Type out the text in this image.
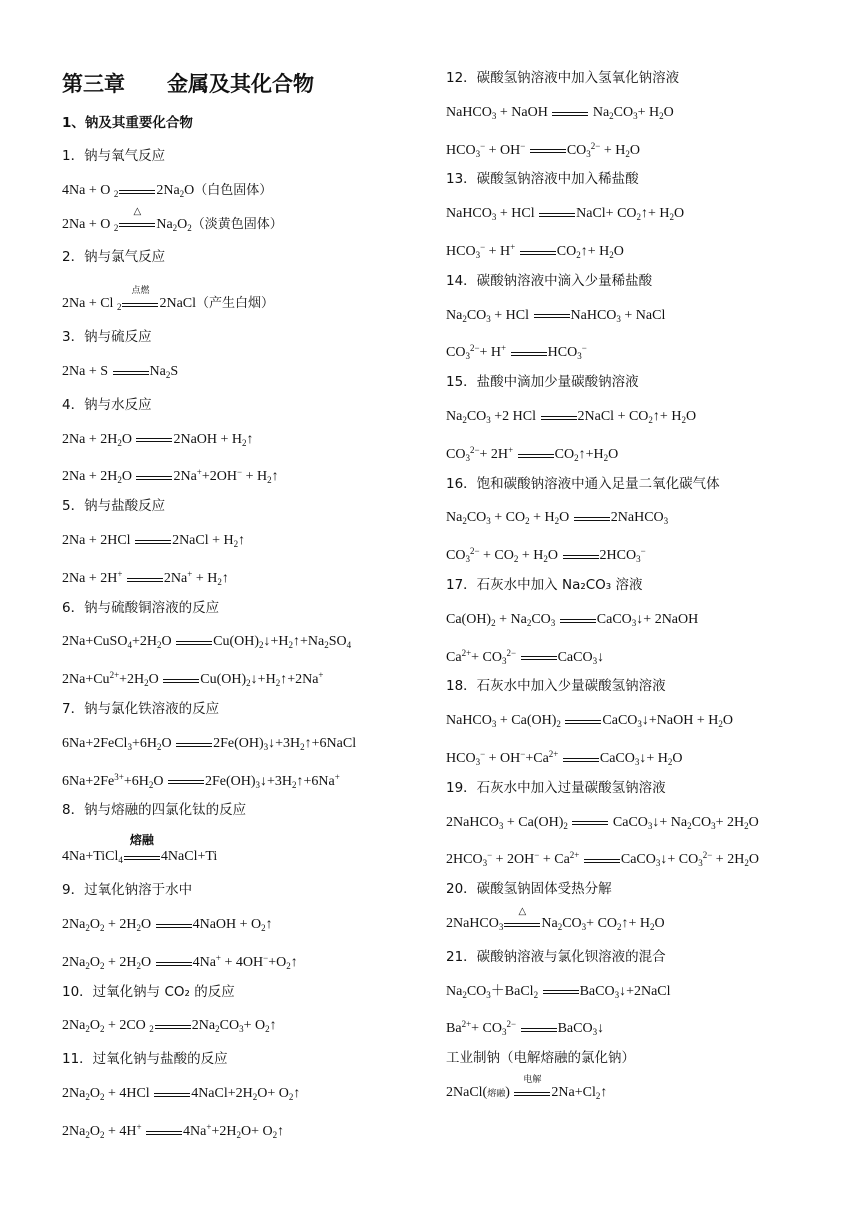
第三章　　金属及其化合物
1、钠及其重要化合物
1．钠与氧气反应
4Na + O $_2$	$2Na_2O$（白色固体）
2Na + O $_2$
△
$Na_2O_2$（淡黄色固体）
2．钠与氯气反应
2Na + Cl $_2$
点燃
2NaCl（产生白烟）
3．钠与硫反应
2Na + S	$Na_2S$
4．钠与水反应
$2Na + 2H_2O$	2NaOH + $H_2↑$
$2Na + 2H_2O$	$2Na^++2OH^- + H_2↑$
5．钠与盐酸反应
2Na + 2HCl	2NaCl + $H_2↑$
2Na + 2H+	$2Na^+ + H_2↑$
6．钠与硫酸铜溶液的反应
$2Na+CuSO_4+2H_2O$	$Cu(OH)_2↓+H_2↑+Na_2SO_4$
$2Na+Cu^{2+}+2H_2O$	$Cu(OH)_2↓+H_2↑+2Na^+$
7．钠与氯化铁溶液的反应
$6Na+2FeCl_3+6H_2O$	$2Fe(OH)_3↓+3H_2↑+6NaCl$
$6Na+2Fe^{3+}+6H_2O$	$2Fe(OH)_3↓+3H_2↑+6Na^+$
8．钠与熔融的四氯化钛的反应
4Na+TiCl$_4$
熔融
4NaCl+Ti
9．过氧化钠溶于水中
$2Na_2O_2 + 2H_2O$	4NaOH + $O_2↑$
$2Na_2O_2 + 2H_2O$	$4Na^+ + 4OH^-+O_2↑$
10．过氧化钠与 CO₂ 的反应
$2Na_2O_2 + 2CO$ $_2$	$2Na_2CO_3+$ $O_2↑$
11．过氧化钠与盐酸的反应
$2Na_2O_2 + 4HCl$	$4NaCl+2H_2O+$ $O_2↑$
$2Na_2O_2 + 4H^+$	$4Na^++2H_2O+$ $O_2↑$
12．碳酸氢钠溶液中加入氢氧化钠溶液
NaHCO$_3$ + NaOH	$Na_2CO_3+ H_2O$
$HCO_3^- + OH^-$	$CO_3^{2-} + H_2O$
13．碳酸氢钠溶液中加入稀盐酸
NaHCO$_3$ + HCl	NaCl+ $CO_2↑+ H_2O$
$HCO_3^- + H^+$	$CO_2↑+ H_2O$
14．碳酸钠溶液中滴入少量稀盐酸
$Na_2CO_3$ + HCl	NaHCO$_3$ + NaCl
$CO_3^{2-}+ H^+$	$HCO_3^-$
15．盐酸中滴加少量碳酸钠溶液
$Na_2CO_3 +2$ HCl	2NaCl + $CO_2↑+ H_2O$
$CO_3^{2-}+ 2H^+$	$CO_2↑+H_2O$
16．饱和碳酸钠溶液中通入足量二氧化碳气体
$Na_2CO_3 + CO_2 + H_2O$	2NaHCO$_3$
$CO_3^{2-} + CO_2 + H_2O$	$2HCO_3^-$
17．石灰水中加入 Na₂CO₃ 溶液
$Ca(OH)_2 + Na_2CO_3$	CaCO$_3$↓+ 2NaOH
$Ca^{2+}+ CO_3^{2-}$	CaCO$_3$↓
18．石灰水中加入少量碳酸氢钠溶液
NaHCO$_3$ + $Ca(OH)_2$	CaCO$_3$↓+NaOH + $H_2O$
$HCO_3^- + OH^-+Ca^{2+}$	CaCO$_3$↓+ $H_2O$
19．石灰水中加入过量碳酸氢钠溶液
2NaHCO$_3$ + $Ca(OH)_2$	CaCO$_3$↓+ $Na_2CO_3+ 2H_2O$
$2HCO_3^- + 2OH^- + Ca^{2+}$	CaCO$_3$↓+ $CO_3^{2-} + 2H_2O$
20．碳酸氢钠固体受热分解
2NaHCO$_3$
△
$Na_2CO_3+$ $CO_2↑+ H_2O$
21．碳酸钠溶液与氯化钡溶液的混合
$Na_2CO_3+BaCl_2$	BaCO$_3$↓+2NaCl
$Ba^{2+}+ CO_3^{2-}$	BaCO$_3$↓
工业制钠（电解熔融的氯化钠）
2NaCl(熔融)
电解
$2Na+Cl_2↑$
